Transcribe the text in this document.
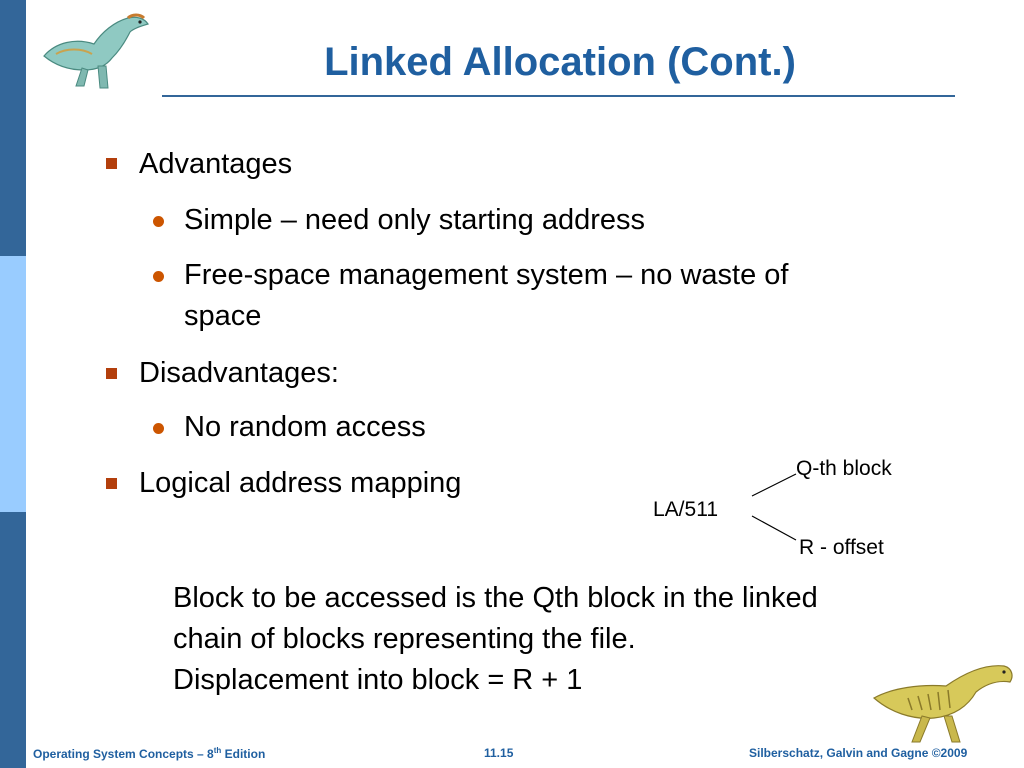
Linked Allocation (Cont.)
Advantages
Simple – need only starting address
Free-space management system – no waste of
space
Disadvantages:
No random access
Logical address mapping	Q-th block
LA/511
R - offset
Block to be accessed is the Qth block in the linked
chain of blocks representing the file.
Displacement into block = R + 1
Operating System Concepts – 8th Edition	11.15	Silberschatz, Galvin and Gagne ©2009
